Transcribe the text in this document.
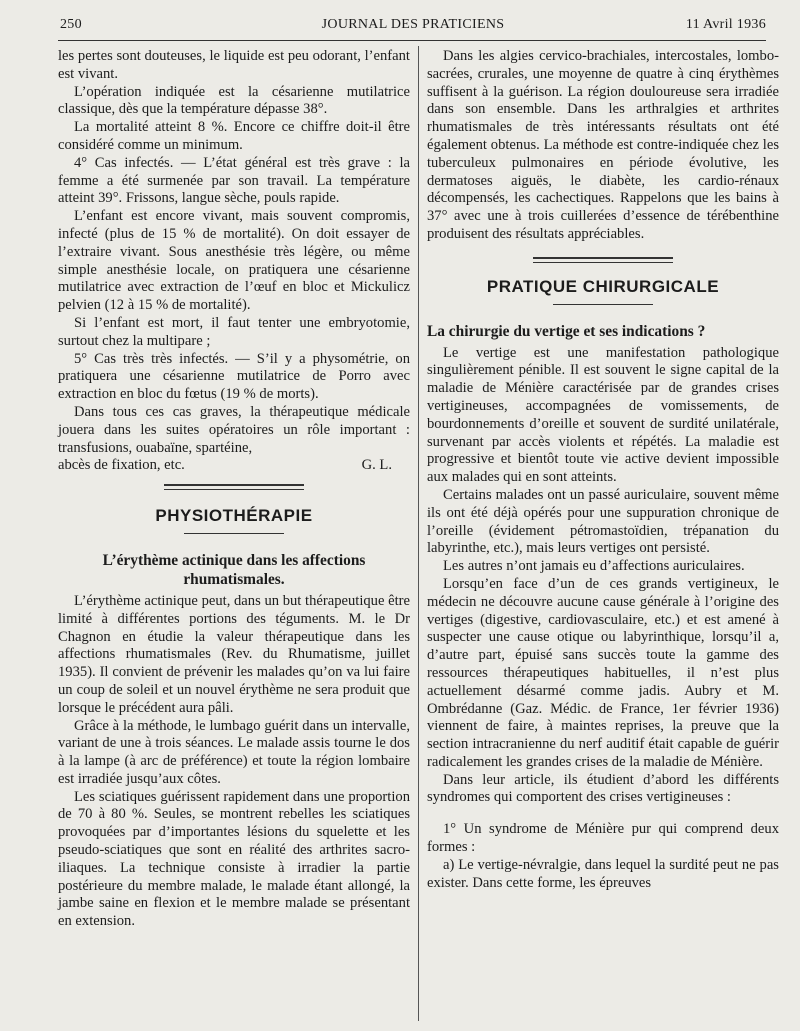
250	JOURNAL DES PRATICIENS	11 Avril 1936

les pertes sont douteuses, le liquide est peu odorant, l’enfant est vivant.

L’opération indiquée est la césarienne mutilatrice classique, dès que la température dépasse 38°.

La mortalité atteint 8 %. Encore ce chiffre doit-il être considéré comme un minimum.

4° Cas infectés. — L’état général est très grave : la femme a été surmenée par son travail. La température atteint 39°. Frissons, langue sèche, pouls rapide.

L’enfant est encore vivant, mais souvent compromis, infecté (plus de 15 % de mortalité). On doit essayer de l’extraire vivant. Sous anesthésie très légère, ou même simple anesthésie locale, on pratiquera une césarienne mutilatrice avec extraction de l’œuf en bloc et Mickulicz pelvien (12 à 15 % de mortalité).

Si l’enfant est mort, il faut tenter une embryotomie, surtout chez la multipare ;

5° Cas très très infectés. — S’il y a physométrie, on pratiquera une césarienne mutilatrice de Porro avec extraction en bloc du fœtus (19 % de morts).

Dans tous ces cas graves, la thérapeutique médicale jouera dans les suites opératoires un rôle important : transfusions, ouabaïne, spartéine,

abcès de fixation, etc.	G. L.

PHYSIOTHÉRAPIE
L’érythème actinique dans les affections rhumatismales.

L’érythème actinique peut, dans un but thérapeutique être limité à différentes portions des téguments. M. le Dr Chagnon en étudie la valeur thérapeutique dans les affections rhumatismales (Rev. du Rhumatisme, juillet 1935). Il convient de prévenir les malades qu’on va lui faire un coup de soleil et un nouvel érythème ne sera produit que lorsque le précédent aura pâli.

Grâce à la méthode, le lumbago guérit dans un intervalle, variant de une à trois séances. Le malade assis tourne le dos à la lampe (à arc de préférence) et toute la région lombaire est irradiée jusqu’aux côtes.

Les sciatiques guérissent rapidement dans une proportion de 70 à 80 %. Seules, se montrent rebelles les sciatiques provoquées par d’importantes lésions du squelette et les pseudo-sciatiques que sont en réalité des arthrites sacro-iliaques. La technique consiste à irradier la partie postérieure du membre malade, le malade étant allongé, la jambe saine en flexion et le membre malade se présentant en extension.

Dans les algies cervico-brachiales, intercostales, lombo-sacrées, crurales, une moyenne de quatre à cinq érythèmes suffisent à la guérison. La région douloureuse sera irradiée dans son ensemble. Dans les arthralgies et arthrites rhumatismales de très intéressants résultats ont été également obtenus. La méthode est contre-indiquée chez les tuberculeux pulmonaires en période évolutive, les dermatoses aiguës, le diabète, les cardio-rénaux décompensés, les cachectiques. Rappelons que les bains à 37° avec une à trois cuillerées d’essence de térébenthine produisent des résultats appréciables.

PRATIQUE CHIRURGICALE
La chirurgie du vertige et ses indications ?

Le vertige est une manifestation pathologique singulièrement pénible. Il est souvent le signe capital de la maladie de Ménière caractérisée par de grandes crises vertigineuses, accompagnées de vomissements, de bourdonnements d’oreille et souvent de surdité unilatérale, survenant par accès violents et répétés. La maladie est progressive et bientôt toute vie active devient impossible aux malades qui en sont atteints.

Certains malades ont un passé auriculaire, souvent même ils ont été déjà opérés pour une suppuration chronique de l’oreille (évidement pétromastoïdien, trépanation du labyrinthe, etc.), mais leurs vertiges ont persisté.

Les autres n’ont jamais eu d’affections auriculaires.

Lorsqu’en face d’un de ces grands vertigineux, le médecin ne découvre aucune cause générale à l’origine des vertiges (digestive, cardiovasculaire, etc.) et est amené à suspecter une cause otique ou labyrinthique, lorsqu’il a, d’autre part, épuisé sans succès toute la gamme des ressources thérapeutiques habituelles, il n’est plus actuellement désarmé comme jadis. Aubry et M. Ombrédanne (Gaz. Médic. de France, 1er février 1936) viennent de faire, à maintes reprises, la preuve que la section intracranienne du nerf auditif était capable de guérir radicalement les grandes crises de la maladie de Ménière.

Dans leur article, ils étudient d’abord les différents syndromes qui comportent des crises vertigineuses :

1° Un syndrome de Ménière pur qui comprend deux formes :

a) Le vertige-névralgie, dans lequel la surdité peut ne pas exister. Dans cette forme, les épreuves
